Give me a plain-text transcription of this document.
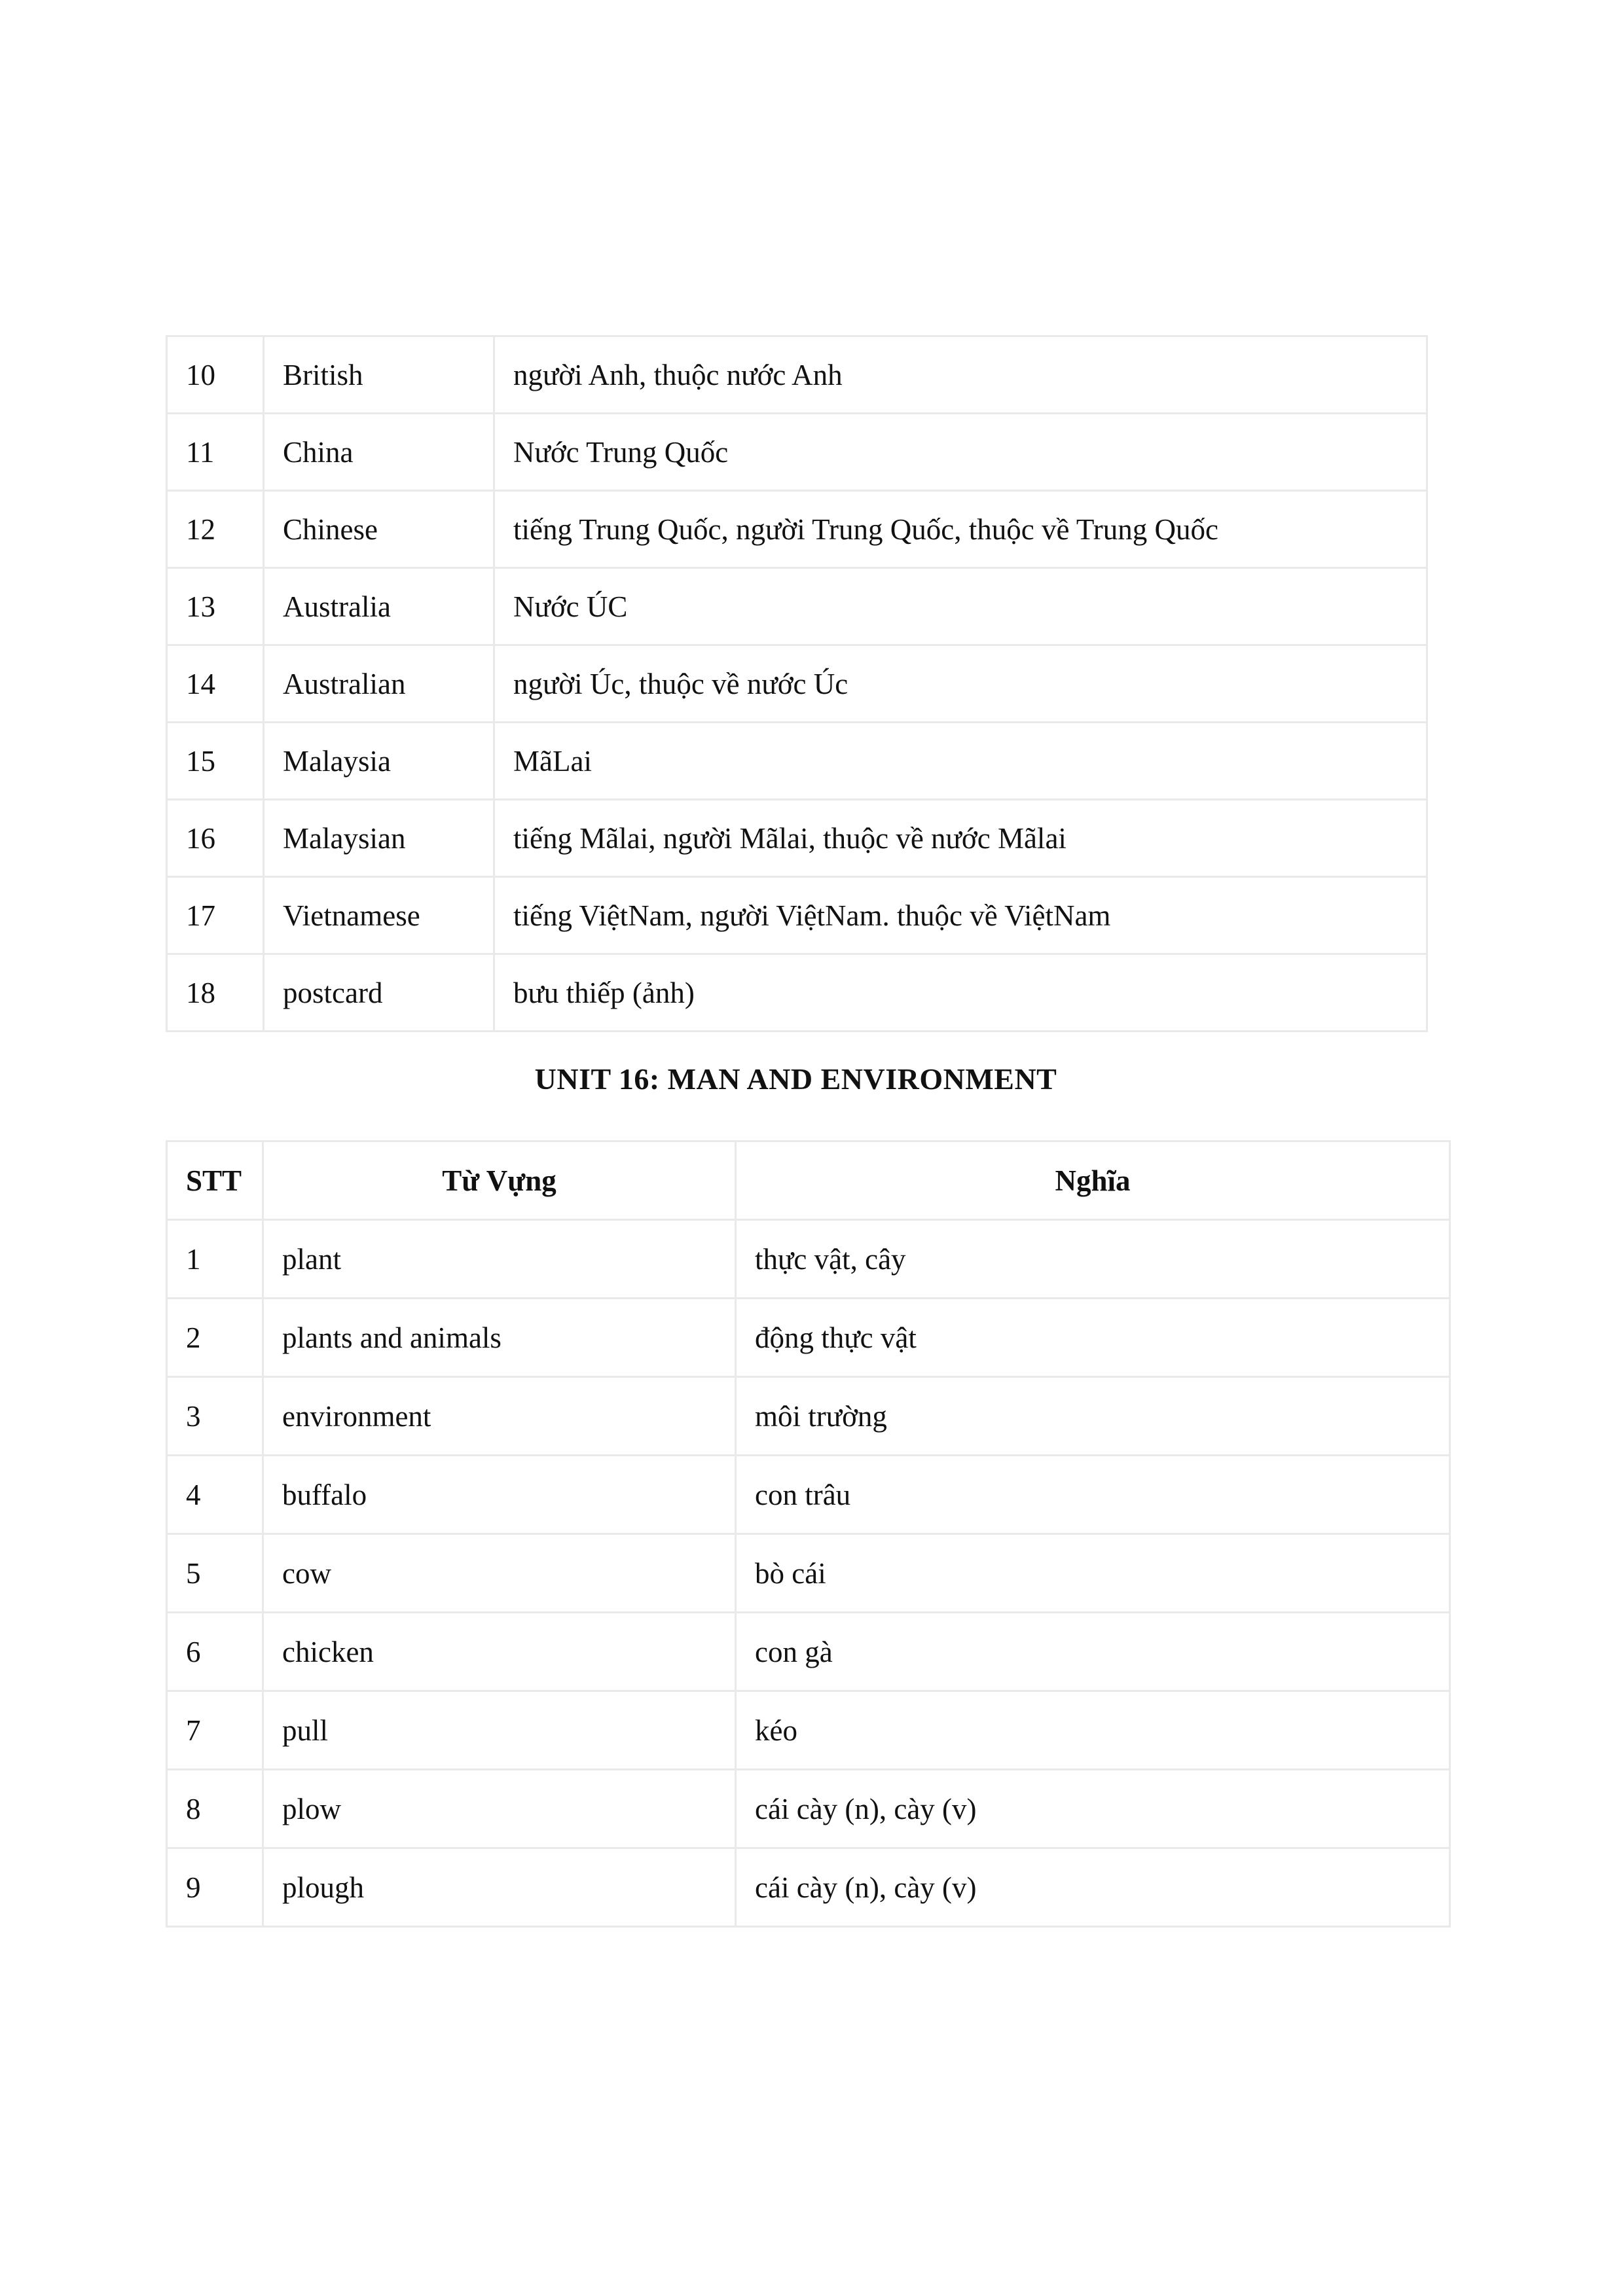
10	British	người Anh, thuộc nước Anh
11	China	Nước Trung Quốc
12	Chinese	tiếng Trung Quốc, người Trung Quốc, thuộc về Trung Quốc
13	Australia	Nước ÚC
14	Australian	người Úc, thuộc về nước Úc
15	Malaysia	MãLai
16	Malaysian	tiếng Mãlai, người Mãlai, thuộc về nước Mãlai
17	Vietnamese	tiếng ViệtNam, người ViệtNam. thuộc về ViệtNam
18	postcard	bưu thiếp (ảnh)
UNIT 16: MAN AND ENVIRONMENT
STT	Từ Vựng	Nghĩa
1	plant	thực vật, cây
2	plants and animals	động thực vật
3	environment	môi trường
4	buffalo	con trâu
5	cow	bò cái
6	chicken	con gà
7	pull	kéo
8	plow	cái cày (n), cày (v)
9	plough	cái cày (n), cày (v)
